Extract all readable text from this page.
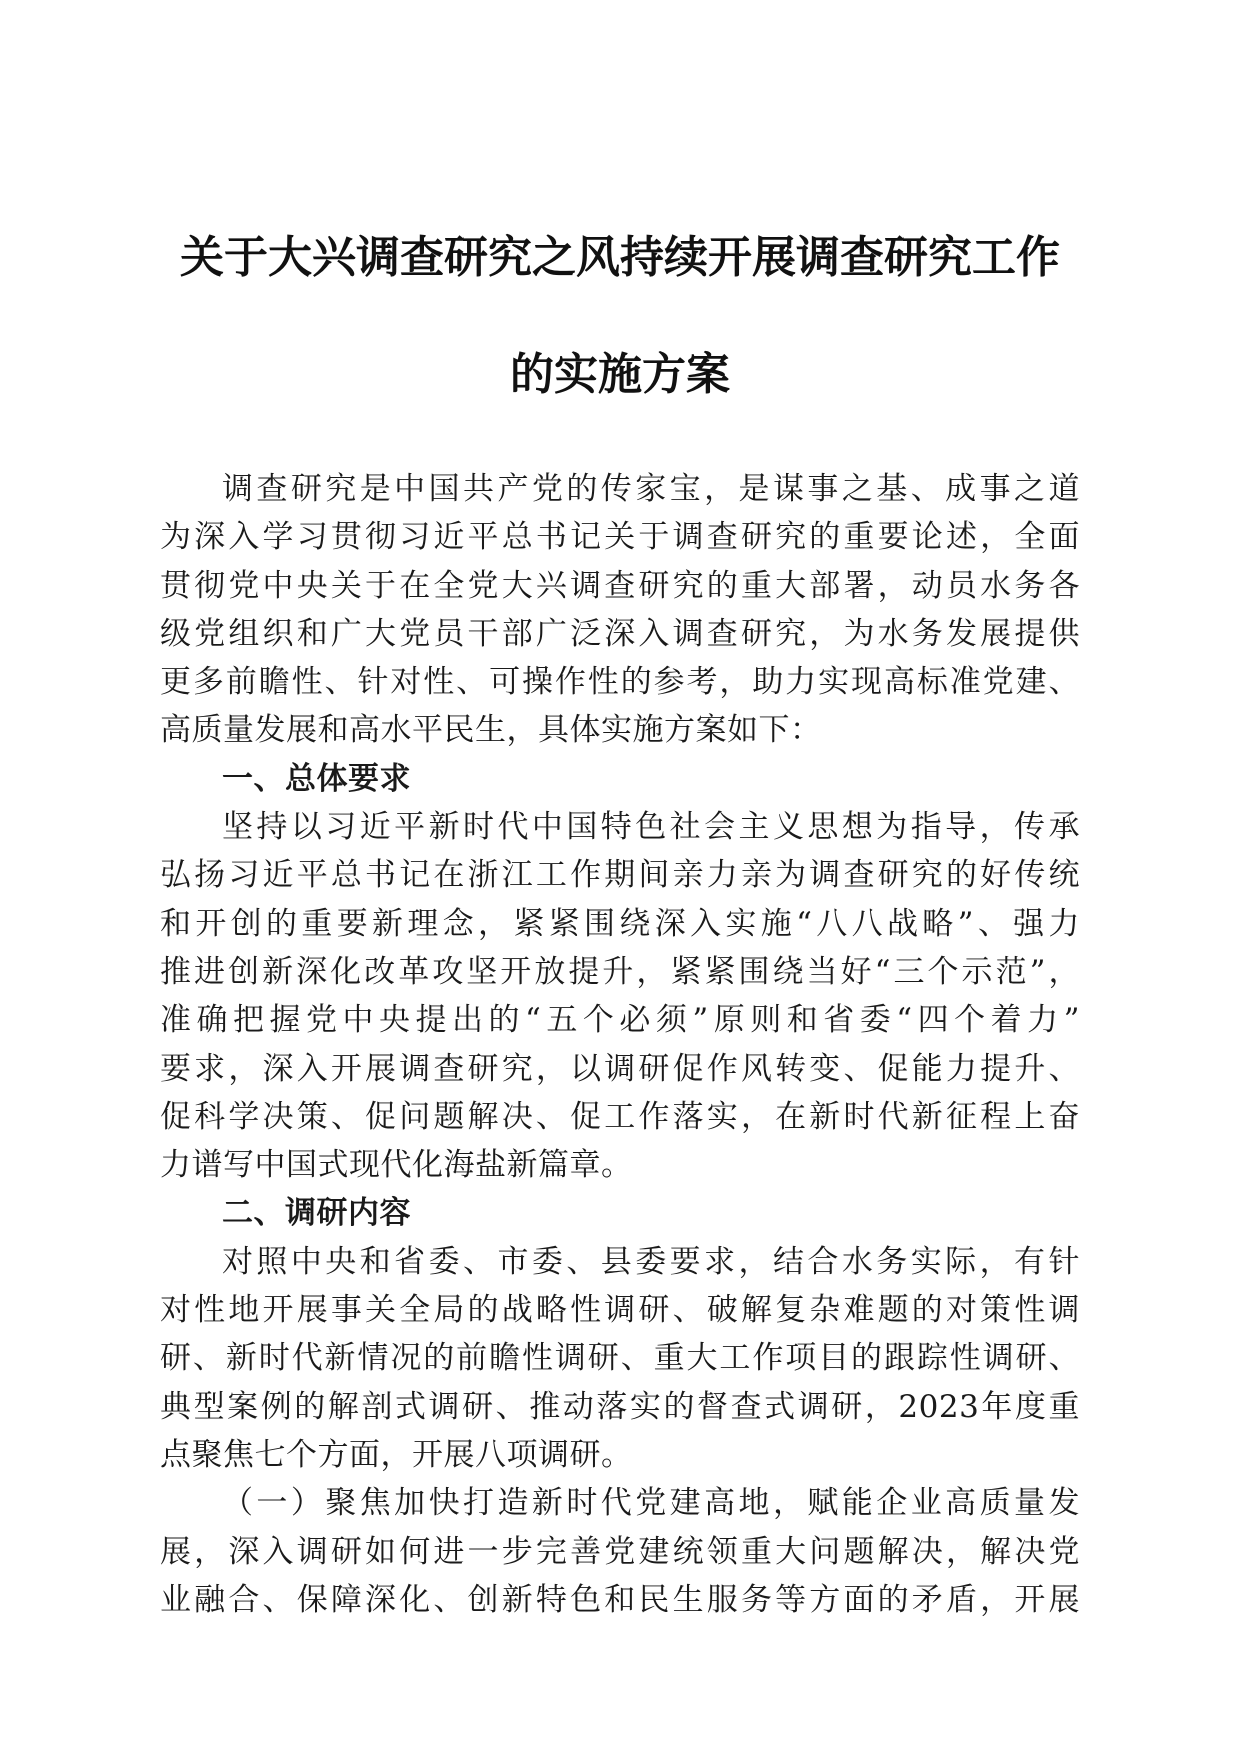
关于大兴调查研究之风持续开展调查研究工作
的实施方案
调查研究是中国共产党的传家宝，是谋事之基、成事之道
为深入学习贯彻习近平总书记关于调查研究的重要论述，全面
贯彻党中央关于在全党大兴调查研究的重大部署，动员水务各
级党组织和广大党员干部广泛深入调查研究，为水务发展提供
更多前瞻性、针对性、可操作性的参考，助力实现高标准党建、
高质量发展和高水平民生，具体实施方案如下：
一、总体要求
坚持以习近平新时代中国特色社会主义思想为指导，传承
弘扬习近平总书记在浙江工作期间亲力亲为调查研究的好传统
和开创的重要新理念，紧紧围绕深入实施“八八战略”、强力
推进创新深化改革攻坚开放提升，紧紧围绕当好“三个示范”，
准确把握党中央提出的“五个必须”原则和省委“四个着力”
要求，深入开展调查研究，以调研促作风转变、促能力提升、
促科学决策、促问题解决、促工作落实，在新时代新征程上奋
力谱写中国式现代化海盐新篇章。
二、调研内容
对照中央和省委、市委、县委要求，结合水务实际，有针
对性地开展事关全局的战略性调研、破解复杂难题的对策性调
研、新时代新情况的前瞻性调研、重大工作项目的跟踪性调研、
典型案例的解剖式调研、推动落实的督查式调研，2023年度重
点聚焦七个方面，开展八项调研。
（一）聚焦加快打造新时代党建高地，赋能企业高质量发
展，深入调研如何进一步完善党建统领重大问题解决，解决党
业融合、保障深化、创新特色和民生服务等方面的矛盾，开展
